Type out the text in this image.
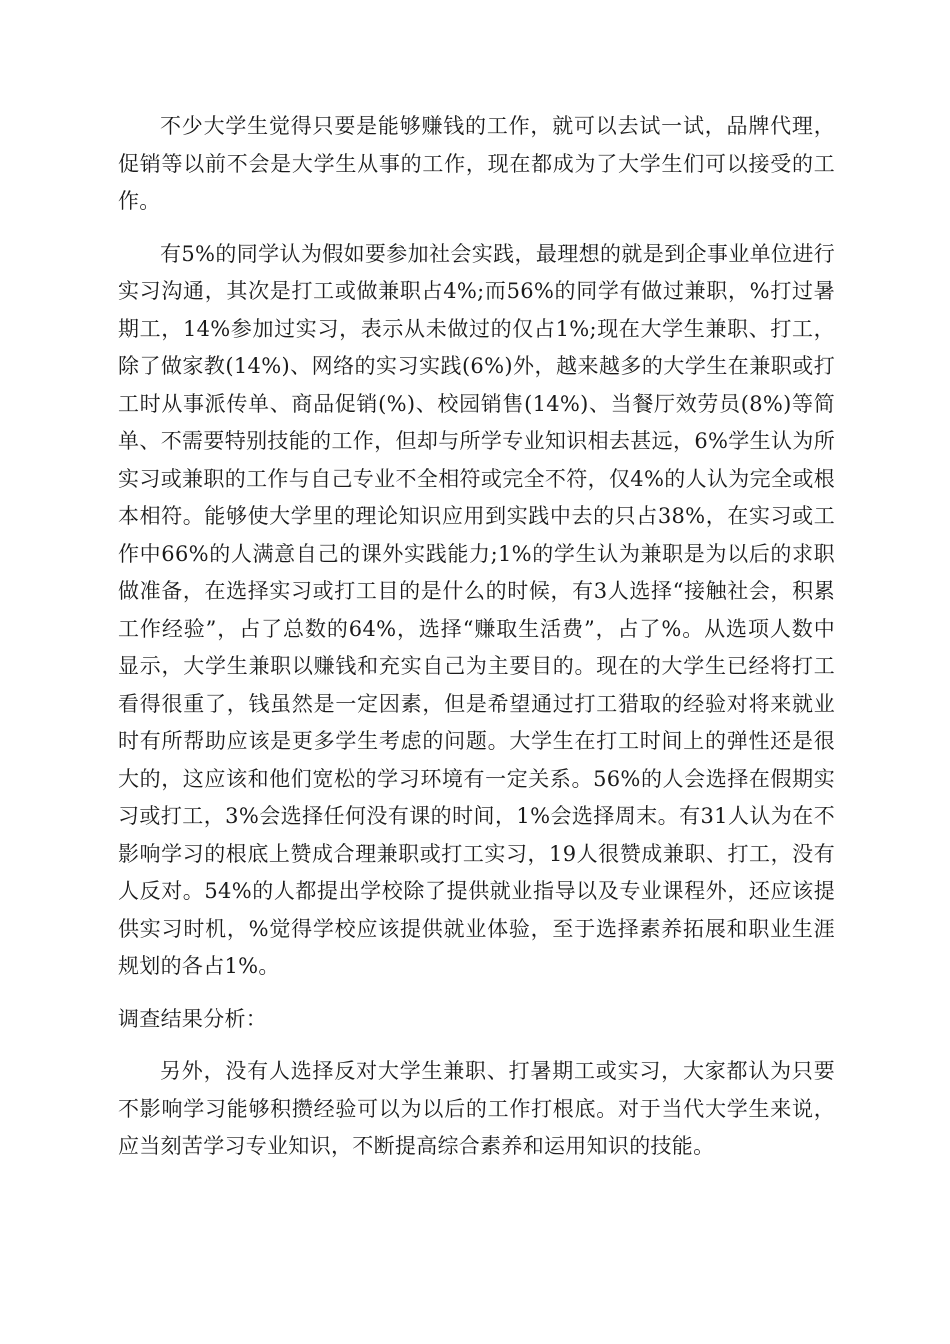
不少大学生觉得只要是能够赚钱的工作，就可以去试一试，品牌代理，促销等以前不会是大学生从事的工作，现在都成为了大学生们可以接受的工作。

有5%的同学认为假如要参加社会实践，最理想的就是到企事业单位进行实习沟通，其次是打工或做兼职占4%;而56%的同学有做过兼职，%打过暑期工，14%参加过实习，表示从未做过的仅占1%;现在大学生兼职、打工，除了做家教(14%)、网络的实习实践(6%)外，越来越多的大学生在兼职或打工时从事派传单、商品促销(%)、校园销售(14%)、当餐厅效劳员(8%)等简单、不需要特别技能的工作，但却与所学专业知识相去甚远，6%学生认为所实习或兼职的工作与自己专业不全相符或完全不符，仅4%的人认为完全或根本相符。能够使大学里的理论知识应用到实践中去的只占38%，在实习或工作中66%的人满意自己的课外实践能力;1%的学生认为兼职是为以后的求职做准备，在选择实习或打工目的是什么的时候，有3人选择“接触社会，积累工作经验”，占了总数的64%，选择“赚取生活费”，占了%。从选项人数中显示，大学生兼职以赚钱和充实自己为主要目的。现在的大学生已经将打工看得很重了，钱虽然是一定因素，但是希望通过打工猎取的经验对将来就业时有所帮助应该是更多学生考虑的问题。大学生在打工时间上的弹性还是很大的，这应该和他们宽松的学习环境有一定关系。56%的人会选择在假期实习或打工，3%会选择任何没有课的时间，1%会选择周末。有31人认为在不影响学习的根底上赞成合理兼职或打工实习，19人很赞成兼职、打工，没有人反对。54%的人都提出学校除了提供就业指导以及专业课程外，还应该提供实习时机，%觉得学校应该提供就业体验，至于选择素养拓展和职业生涯规划的各占1%。

调查结果分析：

另外，没有人选择反对大学生兼职、打暑期工或实习，大家都认为只要不影响学习能够积攒经验可以为以后的工作打根底。对于当代大学生来说，应当刻苦学习专业知识，不断提高综合素养和运用知识的技能。
